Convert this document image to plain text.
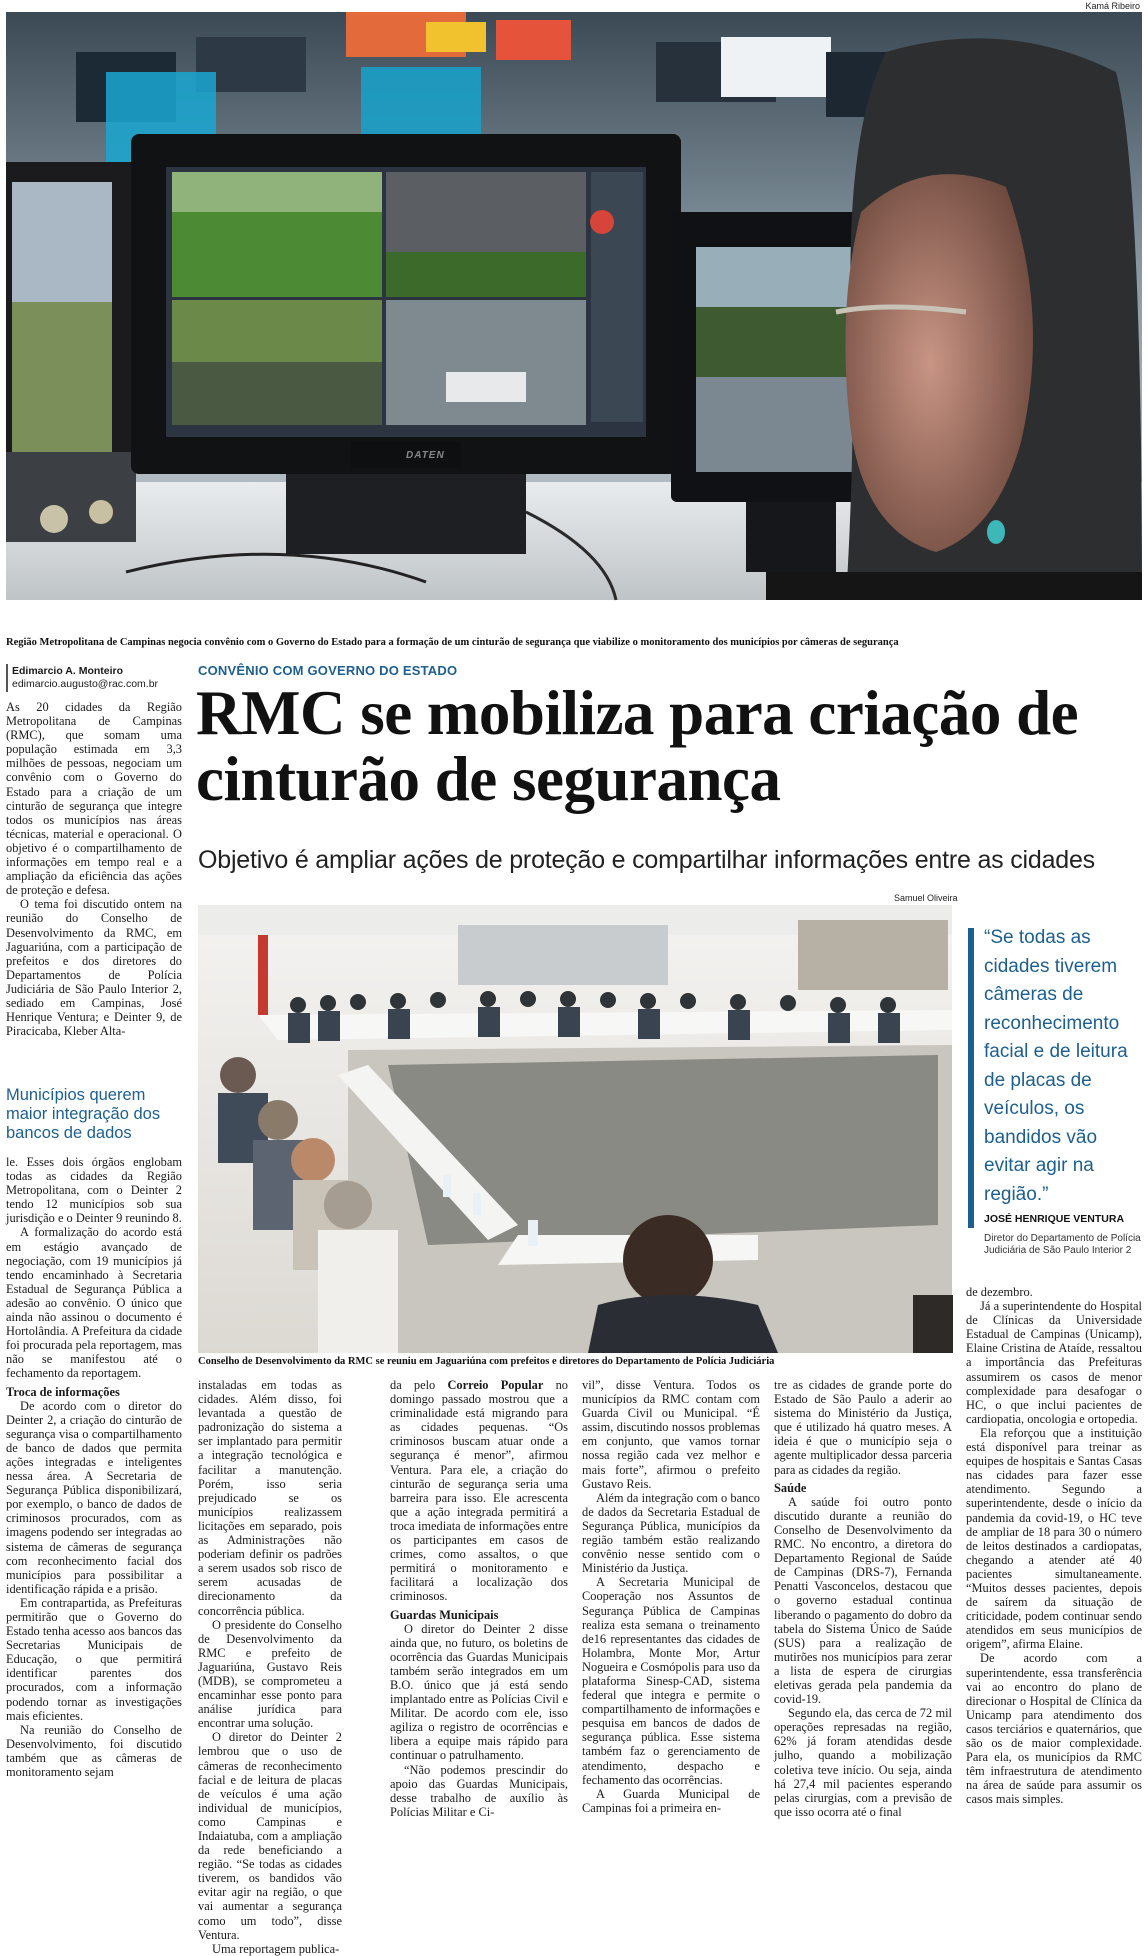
Kamá Ribeiro
DATEN
Região Metropolitana de Campinas negocia convênio com o Governo do Estado para a formação de um cinturão de segurança que viabilize o monitoramento dos municípios por câmeras de segurança
Edimarcio A. Monteiro
edimarcio.augusto@rac.com.br
CONVÊNIO COM GOVERNO DO ESTADO
RMC se mobiliza para criação de cinturão de segurança
Objetivo é ampliar ações de proteção e compartilhar informações entre as cidades

As 20 cidades da Região Metropolitana de Campinas (RMC), que somam uma população estimada em 3,3 milhões de pessoas, negociam um convênio com o Governo do Estado para a criação de um cinturão de segurança que integre todos os municípios nas áreas técnicas, material e operacional. O objetivo é o compartilhamento de informações em tempo real e a ampliação da eficiência das ações de proteção e defesa.

O tema foi discutido ontem na reunião do Conselho de Desenvolvimento da RMC, em Jaguariúna, com a participação de prefeitos e dos diretores do Departamentos de Polícia Judiciária de São Paulo Interior 2, sediado em Campinas, José Henrique Ventura; e Deinter 9, de Piracicaba, Kleber Alta-

Municípios querem maior integração dos bancos de dados

le. Esses dois órgãos englobam todas as cidades da Região Metropolitana, com o Deinter 2 tendo 12 municípios sob sua jurisdição e o Deinter 9 reunindo 8.

A formalização do acordo está em estágio avançado de negociação, com 19 municípios já tendo encaminhado à Secretaria Estadual de Segurança Pública a adesão ao convênio. O único que ainda não assinou o documento é Hortolândia. A Prefeitura da cidade foi procurada pela reportagem, mas não se manifestou até o fechamento da reportagem.

Troca de informações

De acordo com o diretor do Deinter 2, a criação do cinturão de segurança visa o compartilhamento de banco de dados que permita ações integradas e inteligentes nessa área. A Secretaria de Segurança Pública disponibilizará, por exemplo, o banco de dados de criminosos procurados, com as imagens podendo ser integradas ao sistema de câmeras de segurança com reconhecimento facial dos municípios para possibilitar a identificação rápida e a prisão.

Em contrapartida, as Prefeituras permitirão que o Governo do Estado tenha acesso aos bancos das Secretarias Municipais de Educação, o que permitirá identificar parentes dos procurados, com a informação podendo tornar as investigações mais eficientes.

Na reunião do Conselho de Desenvolvimento, foi discutido também que as câmeras de monitoramento sejam

Samuel Oliveira
Conselho de Desenvolvimento da RMC se reuniu em Jaguariúna com prefeitos e diretores do Departamento de Polícia Judiciária
“Se todas as cidades tiverem câmeras de reconhecimento facial e de leitura de placas de veículos, os bandidos vão evitar agir na região.”
JOSÉ HENRIQUE VENTURA
Diretor do Departamento de Polícia Judiciária de São Paulo Interior 2

instaladas em todas as cidades. Além disso, foi levantada a questão de padronização do sistema a ser implantado para permitir a integração tecnológica e facilitar a manutenção. Porém, isso seria prejudicado se os municípios realizassem licitações em separado, pois as Administrações não poderiam definir os padrões a serem usados sob risco de serem acusadas de direcionamento da concorrência pública.

O presidente do Conselho de Desenvolvimento da RMC e prefeito de Jaguariúna, Gustavo Reis (MDB), se comprometeu a encaminhar esse ponto para análise jurídica para encontrar uma solução.

O diretor do Deinter 2 lembrou que o uso de câmeras de reconhecimento facial e de leitura de placas de veículos é uma ação individual de municípios, como Campinas e Indaiatuba, com a ampliação da rede beneficiando a região. “Se todas as cidades tiverem, os bandidos vão evitar agir na região, o que vai aumentar a segurança como um todo”, disse Ventura.

Uma reportagem publica-

da pelo Correio Popular no domingo passado mostrou que a criminalidade está migrando para as cidades pequenas. “Os criminosos buscam atuar onde a segurança é menor”, afirmou Ventura. Para ele, a criação do cinturão de segurança seria uma barreira para isso. Ele acrescenta que a ação integrada permitirá a troca imediata de informações entre os participantes em casos de crimes, como assaltos, o que permitirá o monitoramento e facilitará a localização dos criminosos.

Guardas Municipais

O diretor do Deinter 2 disse ainda que, no futuro, os boletins de ocorrência das Guardas Municipais também serão integrados em um B.O. único que já está sendo implantado entre as Polícias Civil e Militar. De acordo com ele, isso agiliza o registro de ocorrências e libera a equipe mais rápido para continuar o patrulhamento.

“Não podemos prescindir do apoio das Guardas Municipais, desse trabalho de auxílio às Polícias Militar e Ci-

vil”, disse Ventura. Todos os municípios da RMC contam com Guarda Civil ou Municipal. “É assim, discutindo nossos problemas em conjunto, que vamos tornar nossa região cada vez melhor e mais forte”, afirmou o prefeito Gustavo Reis.

Além da integração com o banco de dados da Secretaria Estadual de Segurança Pública, municípios da região também estão realizando convênio nesse sentido com o Ministério da Justiça.

A Secretaria Municipal de Cooperação nos Assuntos de Segurança Pública de Campinas realiza esta semana o treinamento de16 representantes das cidades de Holambra, Monte Mor, Artur Nogueira e Cosmópolis para uso da plataforma Sinesp-CAD, sistema federal que integra e permite o compartilhamento de informações e pesquisa em bancos de dados de segurança pública. Esse sistema também faz o gerenciamento de atendimento, despacho e fechamento das ocorrências.

A Guarda Municipal de Campinas foi a primeira en-

tre as cidades de grande porte do Estado de São Paulo a aderir ao sistema do Ministério da Justiça, que é utilizado há quatro meses. A ideia é que o município seja o agente multiplicador dessa parceria para as cidades da região.

Saúde

A saúde foi outro ponto discutido durante a reunião do Conselho de Desenvolvimento da RMC. No encontro, a diretora do Departamento Regional de Saúde de Campinas (DRS-7), Fernanda Penatti Vasconcelos, destacou que o governo estadual continua liberando o pagamento do dobro da tabela do Sistema Único de Saúde (SUS) para a realização de mutirões nos municípios para zerar a lista de espera de cirurgias eletivas gerada pela pandemia da covid-19.

Segundo ela, das cerca de 72 mil operações represadas na região, 62% já foram atendidas desde julho, quando a mobilização coletiva teve início. Ou seja, ainda há 27,4 mil pacientes esperando pelas cirurgias, com a previsão de que isso ocorra até o final

de dezembro.

Já a superintendente do Hospital de Clínicas da Universidade Estadual de Campinas (Unicamp), Elaine Cristina de Ataíde, ressaltou a importância das Prefeituras assumirem os casos de menor complexidade para desafogar o HC, o que inclui pacientes de cardiopatia, oncologia e ortopedia.

Ela reforçou que a instituição está disponível para treinar as equipes de hospitais e Santas Casas nas cidades para fazer esse atendimento. Segundo a superintendente, desde o início da pandemia da covid-19, o HC teve de ampliar de 18 para 30 o número de leitos destinados a cardiopatas, chegando a atender até 40 pacientes simultaneamente. “Muitos desses pacientes, depois de saírem da situação de criticidade, podem continuar sendo atendidos em seus municípios de origem”, afirma Elaine.

De acordo com a superintendente, essa transferência vai ao encontro do plano de direcionar o Hospital de Clínica da Unicamp para atendimento dos casos terciários e quaternários, que são os de maior complexidade. Para ela, os municípios da RMC têm infraestrutura de atendimento na área de saúde para assumir os casos mais simples.
